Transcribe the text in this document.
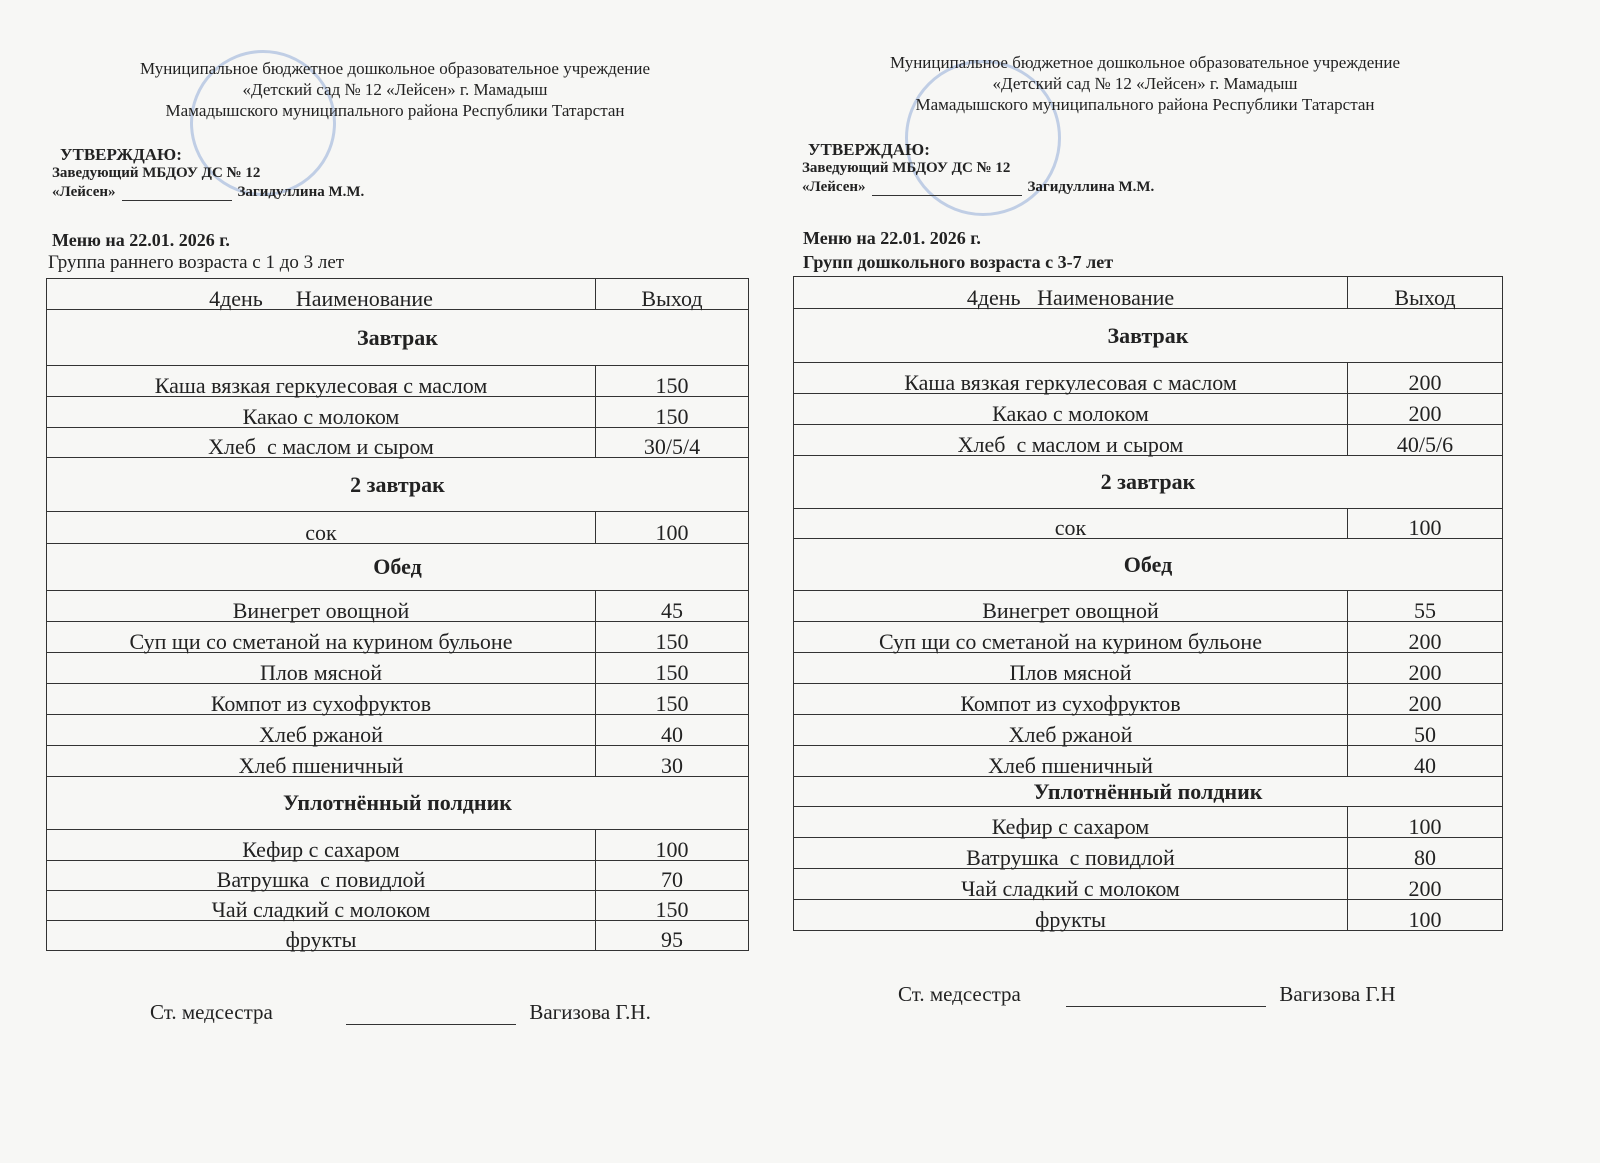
Муниципальное бюджетное дошкольное образовательное учреждение
«Детский сад № 12 «Лейсен» г. Мамадыш
Мамадышского муниципального района Республики Татарстан
УТВЕРЖДАЮ:
Заведующий МБДОУ ДС № 12
«Лейсен»	Загидуллина М.М.
Меню на 22.01. 2026 г.
Группа раннего возраста с 1 до 3 лет
4день      Наименование	Выход
Завтрак	
Каша вязкая геркулесовая с маслом	150
Какао с молоком	150
Хлеб  с маслом и сыром	30/5/4
2 завтрак	
сок	100
Обед	
Винегрет овощной	45
Суп щи со сметаной на курином бульоне	150
Плов мясной	150
Компот из сухофруктов	150
Хлеб ржаной	40
Хлеб пшеничный	30
Уплотнённый полдник	
Кефир с сахаром	100
Ватрушка  с повидлой	70
Чай сладкий с молоком	150
фрукты	95
Ст. медсестра	Вагизова Г.Н.
Муниципальное бюджетное дошкольное образовательное учреждение
«Детский сад № 12 «Лейсен» г. Мамадыш
Мамадышского муниципального района Республики Татарстан
УТВЕРЖДАЮ:
Заведующий МБДОУ ДС № 12
«Лейсен»	Загидуллина М.М.
Меню на 22.01. 2026 г.
Групп дошкольного возраста с 3-7 лет
4день   Наименование	Выход
Завтрак	
Каша вязкая геркулесовая с маслом	200
Какао с молоком	200
Хлеб  с маслом и сыром	40/5/6
2 завтрак	
сок	100
Обед	
Винегрет овощной	55
Суп щи со сметаной на курином бульоне	200
Плов мясной	200
Компот из сухофруктов	200
Хлеб ржаной	50
Хлеб пшеничный	40
Уплотнённый полдник	
Кефир с сахаром	100
Ватрушка  с повидлой	80
Чай сладкий с молоком	200
фрукты	100
Ст. медсестра	Вагизова Г.Н
